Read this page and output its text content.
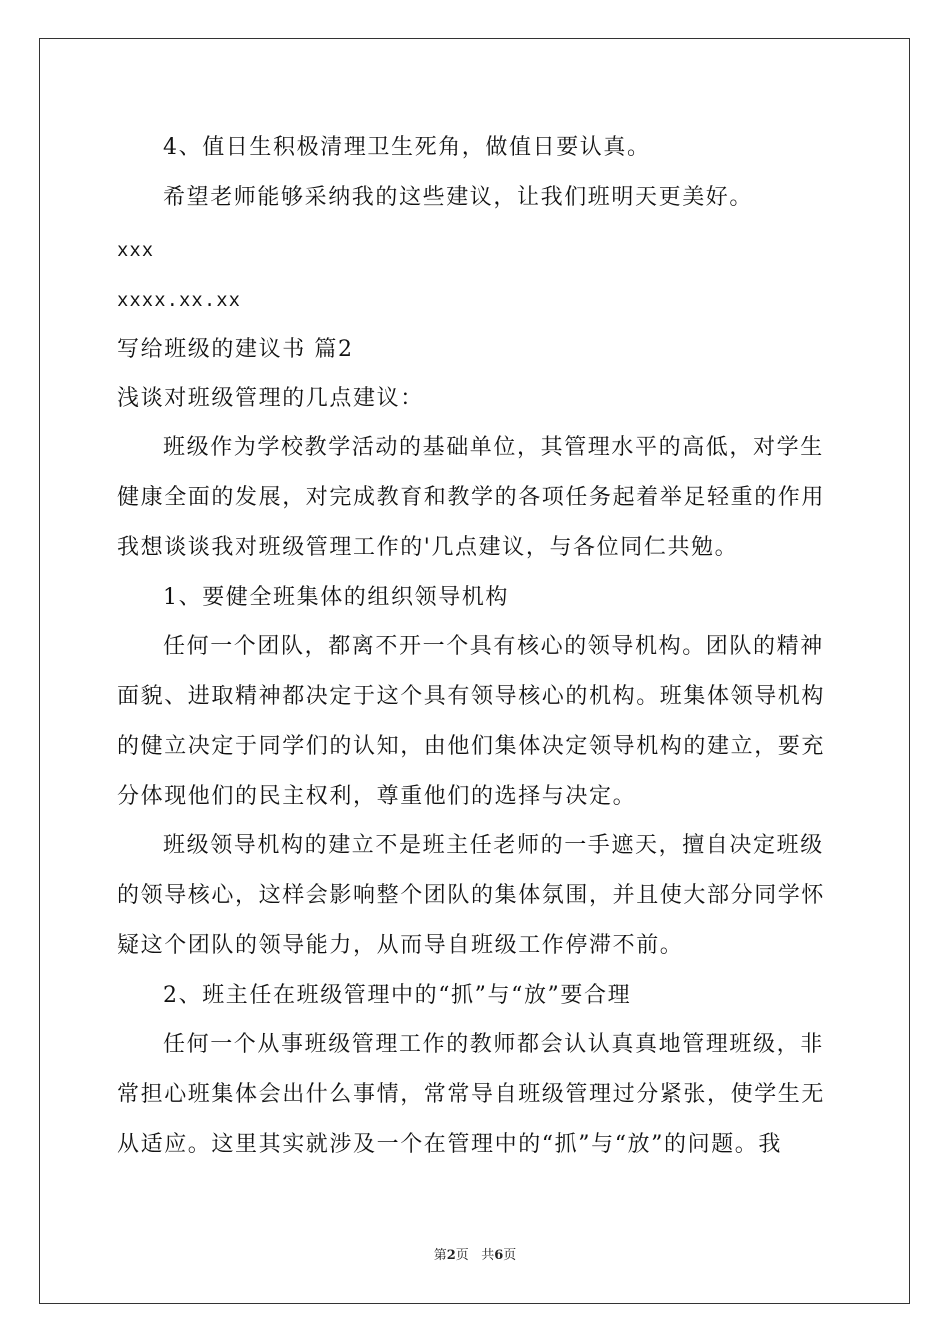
4、值日生积极清理卫生死角，做值日要认真。
希望老师能够采纳我的这些建议，让我们班明天更美好。
xxx
xxxx.xx.xx
写给班级的建议书 篇2
浅谈对班级管理的几点建议：
班级作为学校教学活动的基础单位，其管理水平的高低，对学生
健康全面的发展，对完成教育和教学的各项任务起着举足轻重的作用
我想谈谈我对班级管理工作的'几点建议，与各位同仁共勉。
1、要健全班集体的组织领导机构
任何一个团队，都离不开一个具有核心的领导机构。团队的精神
面貌、进取精神都决定于这个具有领导核心的机构。班集体领导机构
的健立决定于同学们的认知，由他们集体决定领导机构的建立，要充
分体现他们的民主权利，尊重他们的选择与决定。
班级领导机构的建立不是班主任老师的一手遮天，擅自决定班级
的领导核心，这样会影响整个团队的集体氛围，并且使大部分同学怀
疑这个团队的领导能力，从而导自班级工作停滞不前。
2、班主任在班级管理中的“抓”与“放”要合理
任何一个从事班级管理工作的教师都会认认真真地管理班级，非
常担心班集体会出什么事情，常常导自班级管理过分紧张，使学生无
从适应。这里其实就涉及一个在管理中的“抓”与“放”的问题。我
第2页   共6页
